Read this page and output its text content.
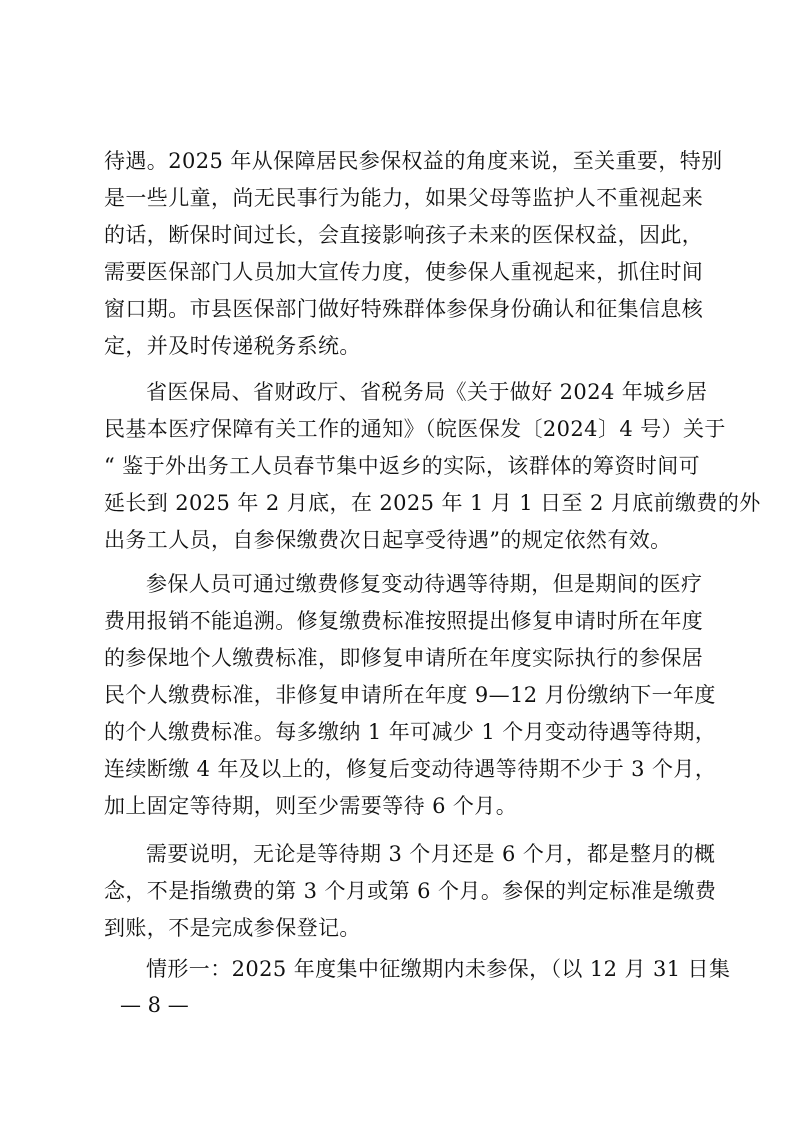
待遇。2025 年从保障居民参保权益的角度来说，至关重要，特别
是一些儿童，尚无民事行为能力，如果父母等监护人不重视起来
的话，断保时间过长，会直接影响孩子未来的医保权益，因此，
需要医保部门人员加大宣传力度，使参保人重视起来，抓住时间
窗口期。市县医保部门做好特殊群体参保身份确认和征集信息核
定，并及时传递税务系统。
省医保局、省财政厅、省税务局《关于做好 2024 年城乡居
民基本医疗保障有关工作的通知》（皖医保发〔2024〕4 号）关于
“ 鉴于外出务工人员春节集中返乡的实际，该群体的筹资时间可
延长到 2025 年 2 月底，在 2025 年 1 月 1 日至 2 月底前缴费的外
出务工人员，自参保缴费次日起享受待遇”的规定依然有效。
参保人员可通过缴费修复变动待遇等待期，但是期间的医疗
费用报销不能追溯。修复缴费标准按照提出修复申请时所在年度
的参保地个人缴费标准，即修复申请所在年度实际执行的参保居
民个人缴费标准，非修复申请所在年度 9—12 月份缴纳下一年度
的个人缴费标准。每多缴纳 1 年可减少 1 个月变动待遇等待期，
连续断缴 4 年及以上的，修复后变动待遇等待期不少于 3 个月，
加上固定等待期，则至少需要等待 6 个月。
需要说明，无论是等待期 3 个月还是 6 个月，都是整月的概
念，不是指缴费的第 3 个月或第 6 个月。参保的判定标准是缴费
到账，不是完成参保登记。
情形一：2025 年度集中征缴期内未参保，（以 12 月 31 日集
— 8 —
